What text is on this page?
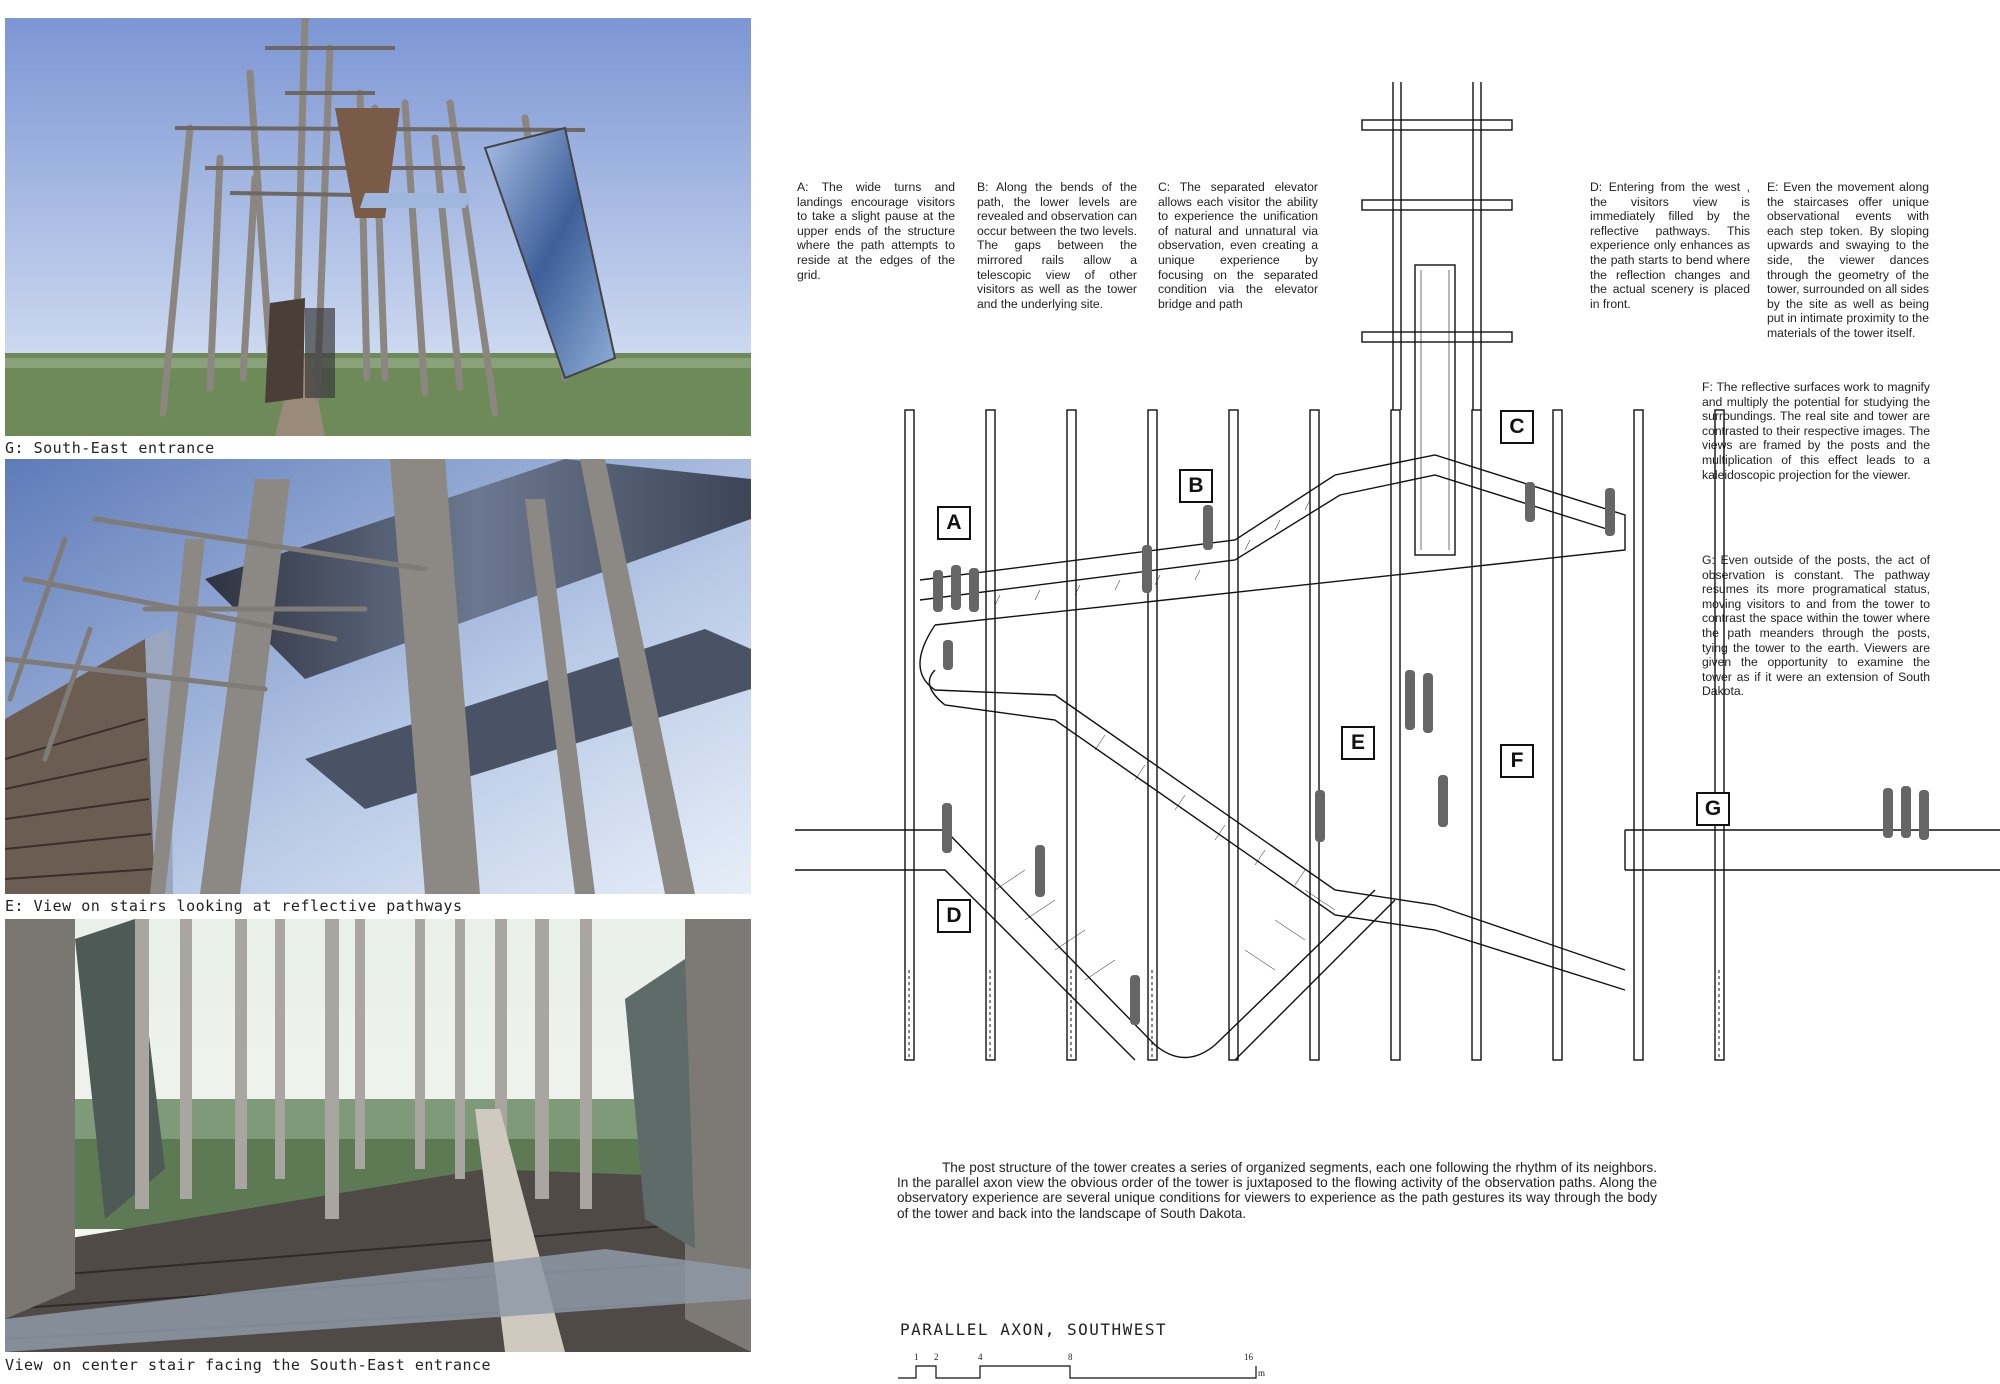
G: South-East entrance
E: View on stairs looking at reflective pathways
View on center stair facing the South-East entrance
A: The wide turns and landings encourage visitors to take a slight pause at the upper ends of the structure where the path attempts to reside at the edges of the grid.
B: Along the bends of the path, the lower levels are revealed and observation can occur between the two levels. The gaps between the mirrored rails allow a telescopic view of other visitors as well as the tower and the underlying site.
C: The separated elevator allows each visitor the ability to experience the unification of natural and unnatural via observation, even creating a unique experience by focusing on the separated condition via the elevator bridge and path
D: Entering from the west , the visitors view is immediately filled by the reflective pathways. This experience only enhances as the path starts to bend where the reflection changes and the actual scenery is placed in front.
E: Even the movement along the staircases offer unique observational events with each step token. By sloping upwards and swaying to the side, the viewer dances through the geometry of the tower, surrounded on all sides by the site as well as being put in intimate proximity to the materials of the tower itself.
F: The reflective surfaces work to magnify and multiply the potential for studying the surroundings. The real site and tower are contrasted to their respective images. The views are framed by the posts and the multiplication of this effect leads to a kaleidoscopic projection for the viewer.
G: Even outside of the posts, the act of observation is constant. The pathway resumes its more programatical status, moving visitors to and from the tower to contrast the space within the tower where the path meanders through the posts, tying the tower to the earth. Viewers are given the opportunity to examine the tower as if it were an extension of South Dakota.
A
B
C
D
E
F
G
The post structure of the tower creates a series of organized segments, each one following the rhythm of its neighbors. In the parallel axon view the obvious order of the tower is juxtaposed to the flowing activity of the observation paths. Along the observatory experience are several unique conditions for viewers to experience as the path gestures its way through the body of the tower and back into the landscape of South Dakota.
PARALLEL AXON, SOUTHWEST
1 2	4	8	16
m
